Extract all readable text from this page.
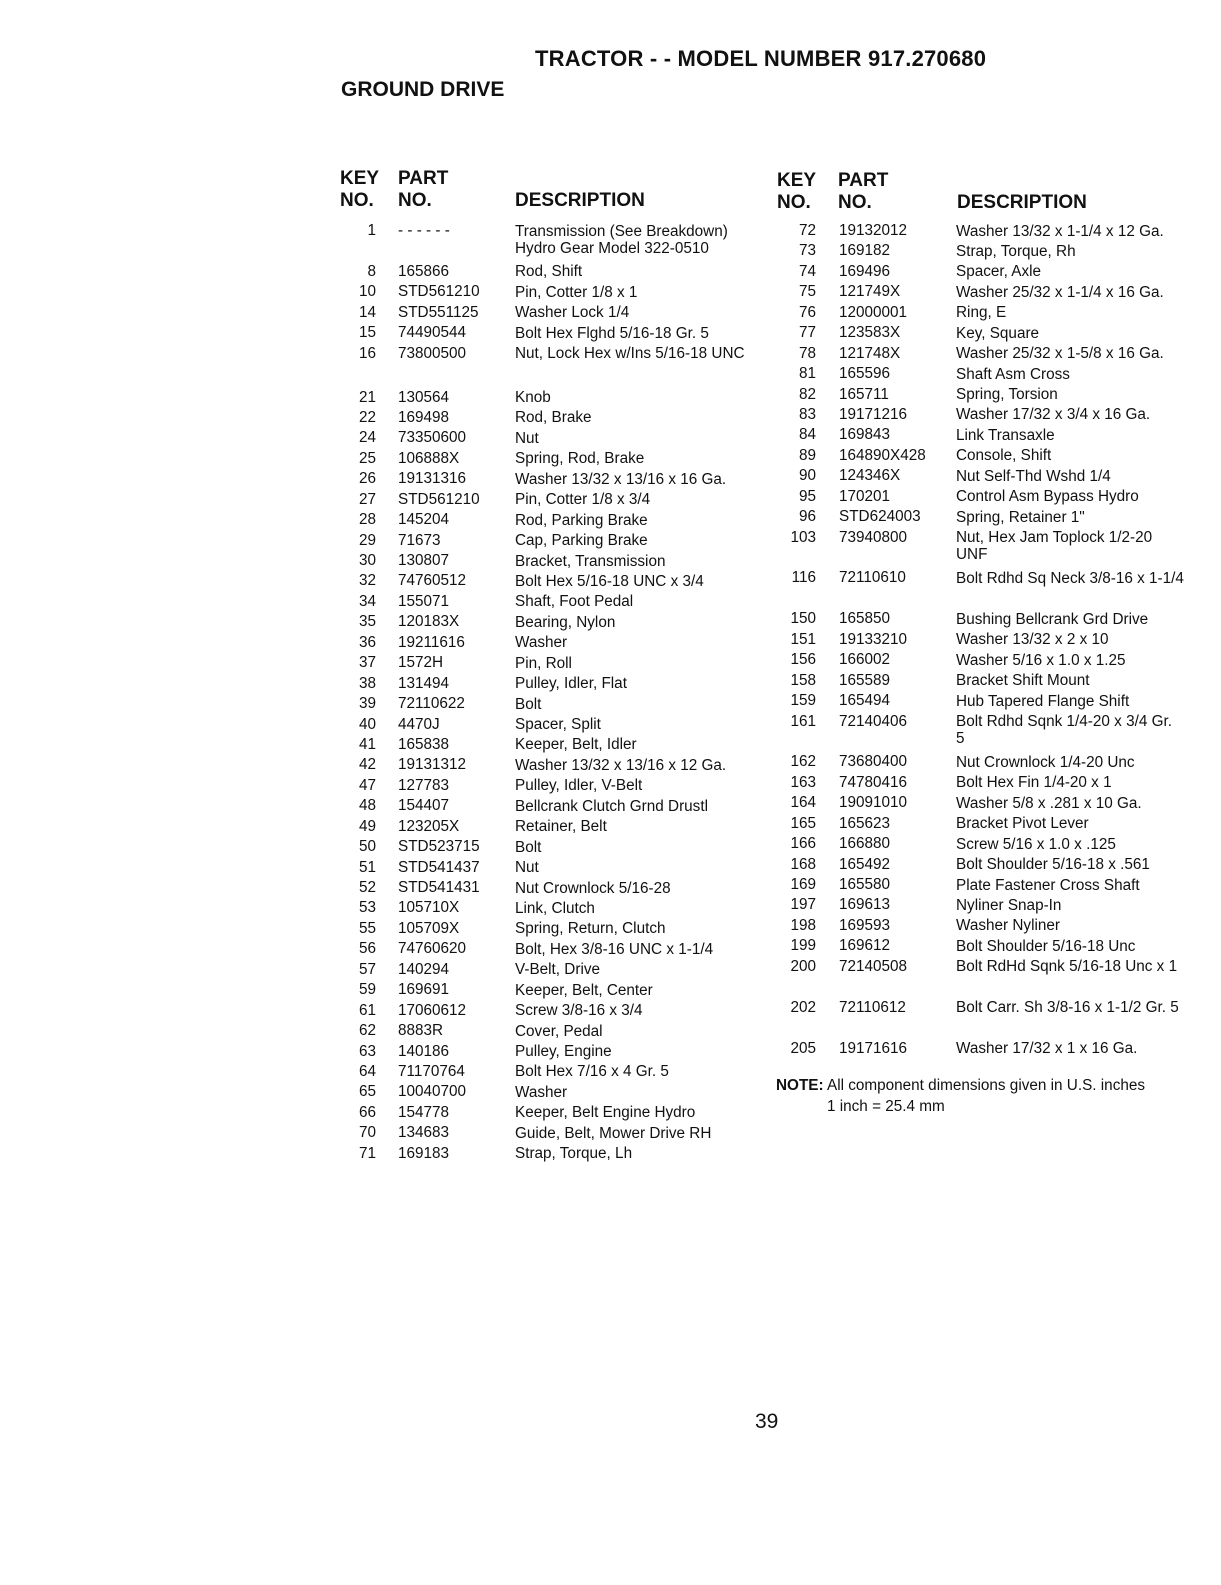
TRACTOR - - MODEL NUMBER 917.270680
GROUND DRIVE
KEY
NO.
PART
NO.	DESCRIPTION
KEY
NO.
PART
NO.	DESCRIPTION
1 - - - - - -	Transmission (See Breakdown) Hydro Gear Model 322-0510
8 165866	Rod, Shift
10 STD561210 Pin, Cotter 1/8 x 1
14 STD551125 Washer Lock 1/4
15 74490544	Bolt Hex Flghd 5/16-18 Gr. 5
16 73800500	Nut, Lock Hex w/Ins 5/16-18 UNC
21 130564	Knob
22 169498	Rod, Brake
24 73350600	Nut
25 106888X	Spring, Rod, Brake
26 19131316	Washer 13/32 x 13/16 x 16 Ga.
27 STD561210 Pin, Cotter 1/8 x 3/4
28 145204	Rod, Parking Brake
29 71673	Cap, Parking Brake
30 130807	Bracket, Transmission
32 74760512	Bolt Hex 5/16-18 UNC x 3/4
34 155071	Shaft, Foot Pedal
35 120183X	Bearing, Nylon
36 19211616	Washer
37 1572H	Pin, Roll
38 131494	Pulley, Idler, Flat
39 72110622	Bolt
40 4470J	Spacer, Split
41 165838	Keeper, Belt, Idler
42 19131312	Washer 13/32 x 13/16 x 12 Ga.
47 127783	Pulley, Idler, V-Belt
48 154407	Bellcrank Clutch Grnd Drustl
49 123205X	Retainer, Belt
50 STD523715 Bolt
51 STD541437 Nut
52 STD541431 Nut Crownlock 5/16-28
53 105710X	Link, Clutch
55 105709X	Spring, Return, Clutch
56 74760620	Bolt, Hex 3/8-16 UNC x 1-1/4
57 140294	V-Belt, Drive
59 169691	Keeper, Belt, Center
61 17060612	Screw 3/8-16 x 3/4
62 8883R	Cover, Pedal
63 140186	Pulley, Engine
64 71170764	Bolt Hex 7/16 x 4 Gr. 5
65 10040700	Washer
66 154778	Keeper, Belt Engine Hydro
70 134683	Guide, Belt, Mower Drive RH
71 169183	Strap, Torque, Lh
72 19132012	Washer 13/32 x 1-1/4 x 12 Ga.
73 169182	Strap, Torque, Rh
74 169496	Spacer, Axle
75 121749X	Washer 25/32 x 1-1/4 x 16 Ga.
76 12000001	Ring, E
77 123583X	Key, Square
78 121748X	Washer 25/32 x 1-5/8 x 16 Ga.
81 165596	Shaft Asm Cross
82 165711	Spring, Torsion
83 19171216	Washer 17/32 x 3/4 x 16 Ga.
84 169843	Link Transaxle
89 164890X428 Console, Shift
90 124346X	Nut Self-Thd Wshd 1/4
95 170201	Control Asm Bypass Hydro
96 STD624003 Spring, Retainer 1"
103 73940800	Nut, Hex Jam Toplock 1/2-20 UNF
116 72110610	Bolt Rdhd Sq Neck 3/8-16 x 1-1/4
150 165850	Bushing Bellcrank Grd Drive
151 19133210	Washer 13/32 x 2 x 10
156 166002	Washer 5/16 x 1.0 x 1.25
158 165589	Bracket Shift Mount
159 165494	Hub Tapered Flange Shift
161 72140406	Bolt Rdhd Sqnk 1/4-20 x 3/4 Gr. 5
162 73680400	Nut Crownlock 1/4-20 Unc
163 74780416	Bolt Hex Fin 1/4-20 x 1
164 19091010	Washer 5/8 x .281 x 10 Ga.
165 165623	Bracket Pivot Lever
166 166880	Screw 5/16 x 1.0 x .125
168 165492	Bolt Shoulder 5/16-18 x .561
169 165580	Plate Fastener Cross Shaft
197 169613	Nyliner Snap-In
198 169593	Washer Nyliner
199 169612	Bolt Shoulder 5/16-18 Unc
200 72140508	Bolt RdHd Sqnk 5/16-18 Unc x 1
202 72110612	Bolt Carr. Sh 3/8-16 x 1-1/2 Gr. 5
205 19171616	Washer 17/32 x 1 x 16 Ga.
NOTE: All component dimensions given in U.S. inches
1 inch = 25.4 mm
39
